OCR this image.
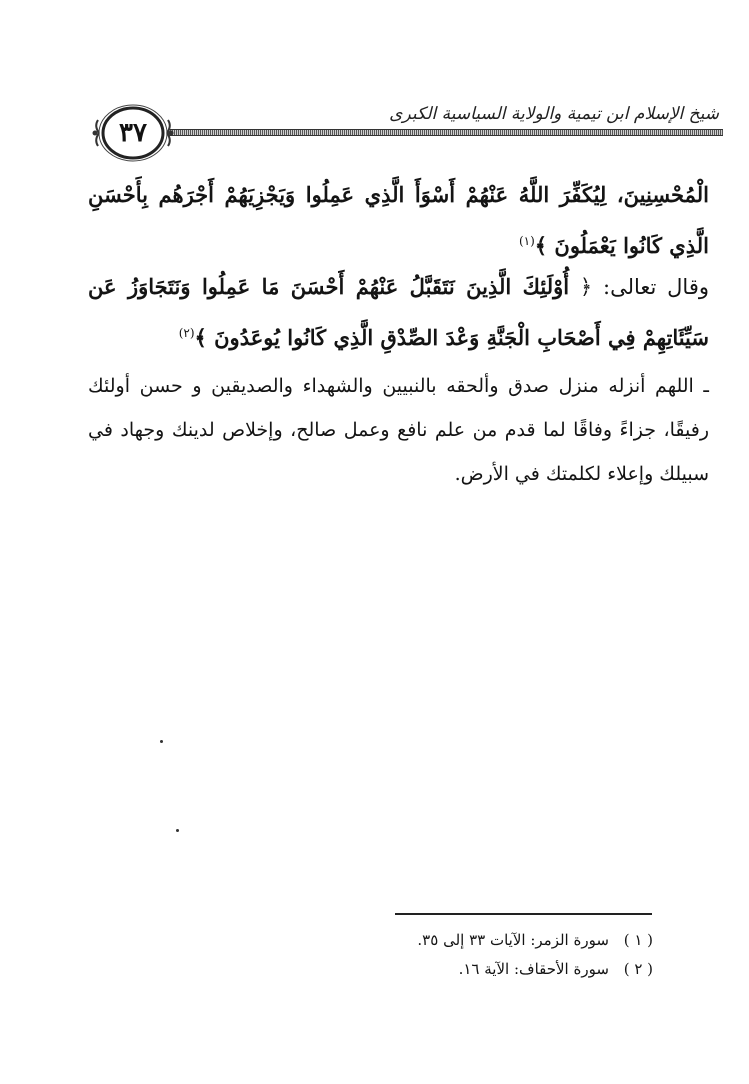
شيخ الإسلام ابن تيمية والولاية السياسية الكبرى
٣٧
الْمُحْسِنِينَ، لِيُكَفِّرَ اللَّهُ عَنْهُمْ أَسْوَأَ الَّذِي عَمِلُوا وَيَجْزِيَهُمْ أَجْرَهُم بِأَحْسَنِ الَّذِي كَانُوا يَعْمَلُونَ ﴾$^{(١)}$
وقال تعالى: ﴿ أُوْلَئِكَ الَّذِينَ نَتَقَبَّلُ عَنْهُمْ أَحْسَنَ مَا عَمِلُوا وَنَتَجَاوَزُ عَن سَيِّئَاتِهِمْ فِي أَصْحَابِ الْجَنَّةِ وَعْدَ الصِّدْقِ الَّذِي كَانُوا يُوعَدُونَ ﴾$^{(٢)}$
ـ اللهم أنزله منزل صدق وألحقه بالنبيين والشهداء والصديقين و حسن أولئك رفيقًا، جزاءً وفاقًا لما قدم من علم نافع وعمل صالح، وإخلاص لدينك وجهاد في سبيلك وإعلاء لكلمتك في الأرض.
( ١ ) سورة الزمر: الآيات ٣٣ إلى ٣٥.
( ٢ ) سورة الأحقاف: الآية ١٦.
